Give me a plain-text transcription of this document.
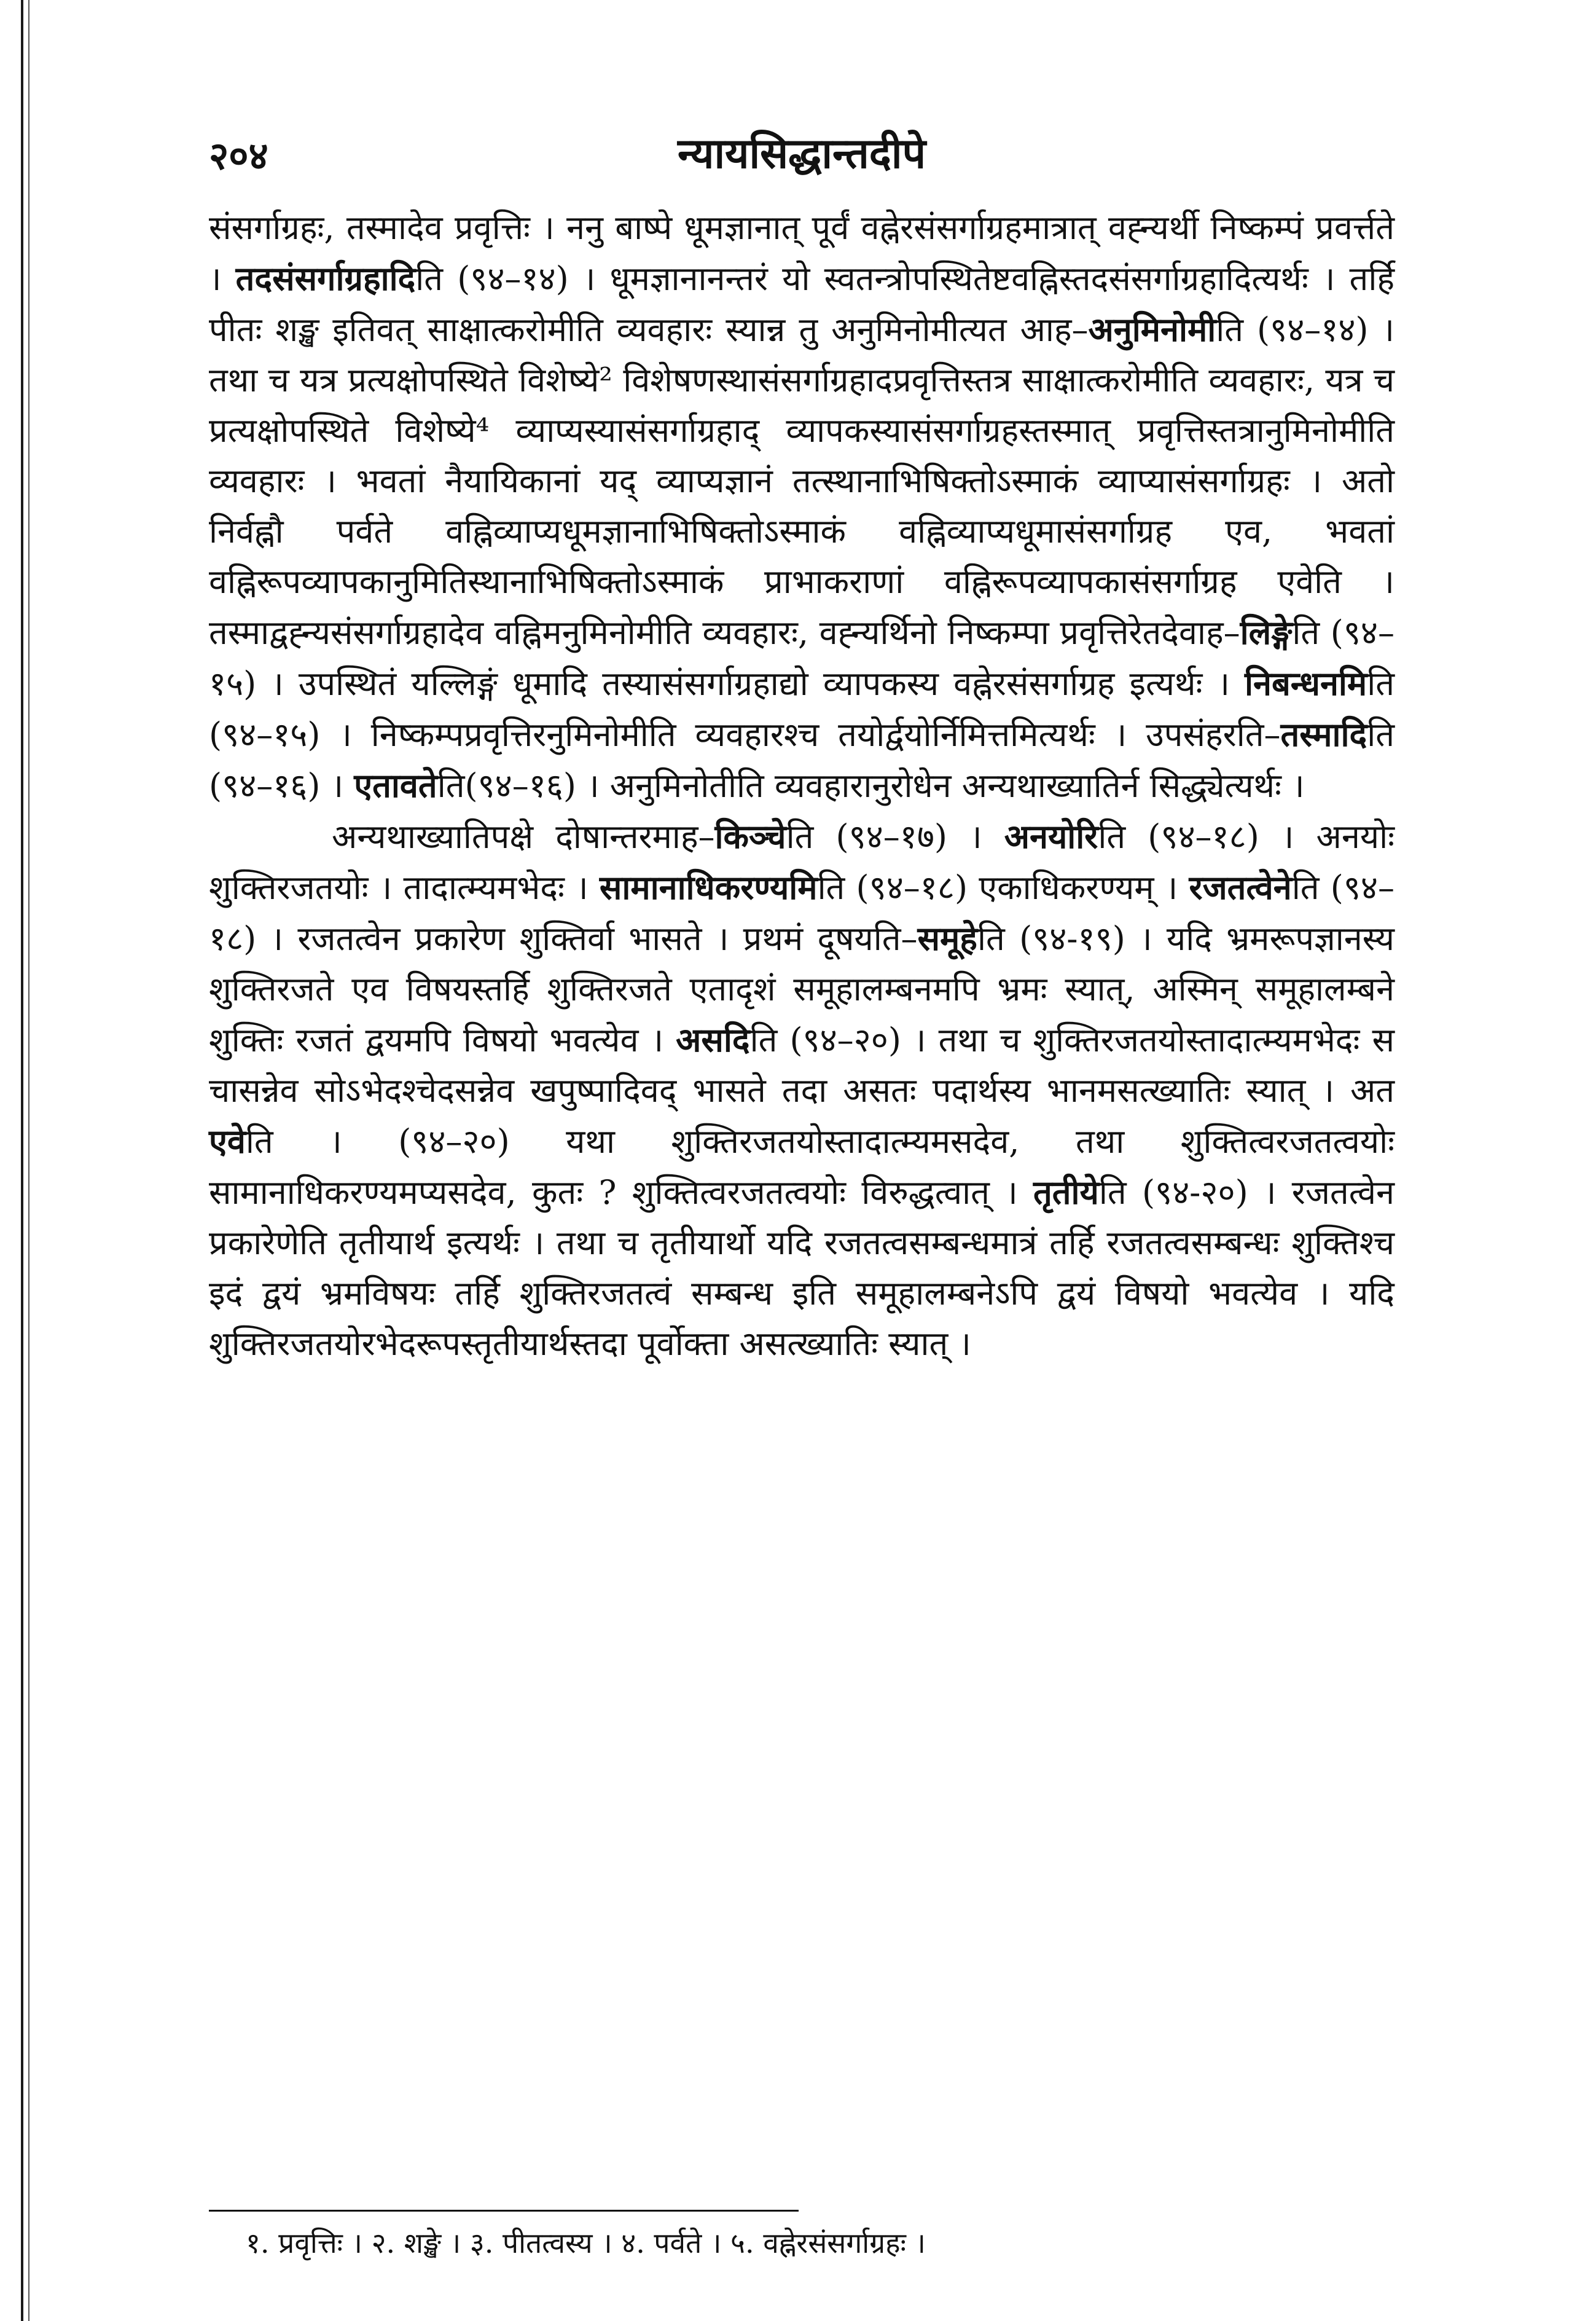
२०४	न्यायसिद्धान्तदीपे

संसर्गाग्रहः, तस्मादेव प्रवृत्तिः । ननु बाष्पे धूमज्ञानात् पूर्वं वह्नेरसंसर्गाग्रहमात्रात् वह्न्यर्थी निष्कम्पं प्रवर्त्तते । तदसंसर्गाग्रहादिति (९४–१४) । धूमज्ञानानन्तरं यो स्वतन्त्रोपस्थितेष्टवह्निस्तदसंसर्गाग्रहादित्यर्थः । तर्हि पीतः शङ्ख इतिवत् साक्षात्करोमीति व्यवहारः स्यान्न तु अनुमिनोमीत्यत आह–अनुमिनोमीति (९४–१४) । तथा च यत्र प्रत्यक्षोपस्थिते विशेष्ये² विशेषणस्थासंसर्गाग्रहादप्रवृत्तिस्तत्र साक्षात्करोमीति व्यवहारः, यत्र च प्रत्यक्षोपस्थिते विशेष्ये⁴ व्याप्यस्यासंसर्गाग्रहाद् व्यापकस्यासंसर्गाग्रहस्तस्मात् प्रवृत्तिस्तत्रानुमिनोमीति व्यवहारः । भवतां नैयायिकानां यद् व्याप्यज्ञानं तत्स्थानाभिषिक्तोऽस्माकं व्याप्यासंसर्गाग्रहः । अतो निर्वह्नौ पर्वते वह्निव्याप्यधूमज्ञानाभिषिक्तोऽस्माकं वह्निव्याप्यधूमासंसर्गाग्रह एव, भवतां वह्निरूपव्यापकानुमितिस्थानाभिषिक्तोऽस्माकं प्राभाकराणां वह्निरूपव्यापकासंसर्गाग्रह एवेति । तस्माद्वह्न्यसंसर्गाग्रहादेव वह्निमनुमिनोमीति व्यवहारः, वह्न्यर्थिनो निष्कम्पा प्रवृत्तिरेतदेवाह–लिङ्गेति (९४–१५) । उपस्थितं यल्लिङ्गं धूमादि तस्यासंसर्गाग्रहाद्यो व्यापकस्य वह्नेरसंसर्गाग्रह इत्यर्थः । निबन्धनमिति (९४–१५) । निष्कम्पप्रवृत्तिरनुमिनोमीति व्यवहारश्च तयोर्द्वयोर्निमित्तमित्यर्थः । उपसंहरति–तस्मादिति (९४–१६) । एतावतेति(९४–१६) । अनुमिनोतीति व्यवहारानुरोधेन अन्यथाख्यातिर्न सिद्ध्येत्यर्थः ।

अन्यथाख्यातिपक्षे दोषान्तरमाह–किञ्चेति (९४–१७) । अनयोरिति (९४–१८) । अनयोः शुक्तिरजतयोः । तादात्म्यमभेदः । सामानाधिकरण्यमिति (९४–१८) एकाधिकरण्यम् । रजतत्वेनेति (९४–१८) । रजतत्वेन प्रकारेण शुक्तिर्वा भासते । प्रथमं दूषयति–समूहेति (९४-१९) । यदि भ्रमरूपज्ञानस्य शुक्तिरजते एव विषयस्तर्हि शुक्तिरजते एतादृशं समूहालम्बनमपि भ्रमः स्यात्, अस्मिन् समूहालम्बने शुक्तिः रजतं द्वयमपि विषयो भवत्येव । असदिति (९४–२०) । तथा च शुक्तिरजतयोस्तादात्म्यमभेदः स चासन्नेव सोऽभेदश्चेदसन्नेव खपुष्पादिवद् भासते तदा असतः पदार्थस्य भानमसत्ख्यातिः स्यात् । अत एवेति । (९४–२०) यथा शुक्तिरजतयोस्तादात्म्यमसदेव, तथा शुक्तित्वरजतत्वयोः सामानाधिकरण्यमप्यसदेव, कुतः ? शुक्तित्वरजतत्वयोः विरुद्धत्वात् । तृतीयेति (९४-२०) । रजतत्वेन प्रकारेणेति तृतीयार्थ इत्यर्थः । तथा च तृतीयार्थो यदि रजतत्वसम्बन्धमात्रं तर्हि रजतत्वसम्बन्धः शुक्तिश्च इदं द्वयं भ्रमविषयः तर्हि शुक्तिरजतत्वं सम्बन्ध इति समूहालम्बनेऽपि द्वयं विषयो भवत्येव । यदि शुक्तिरजतयोरभेदरूपस्तृतीयार्थस्तदा पूर्वोक्ता असत्ख्यातिः स्यात् ।

१. प्रवृत्तिः । २. शङ्खे । ३. पीतत्वस्य । ४. पर्वते । ५. वह्नेरसंसर्गाग्रहः ।
